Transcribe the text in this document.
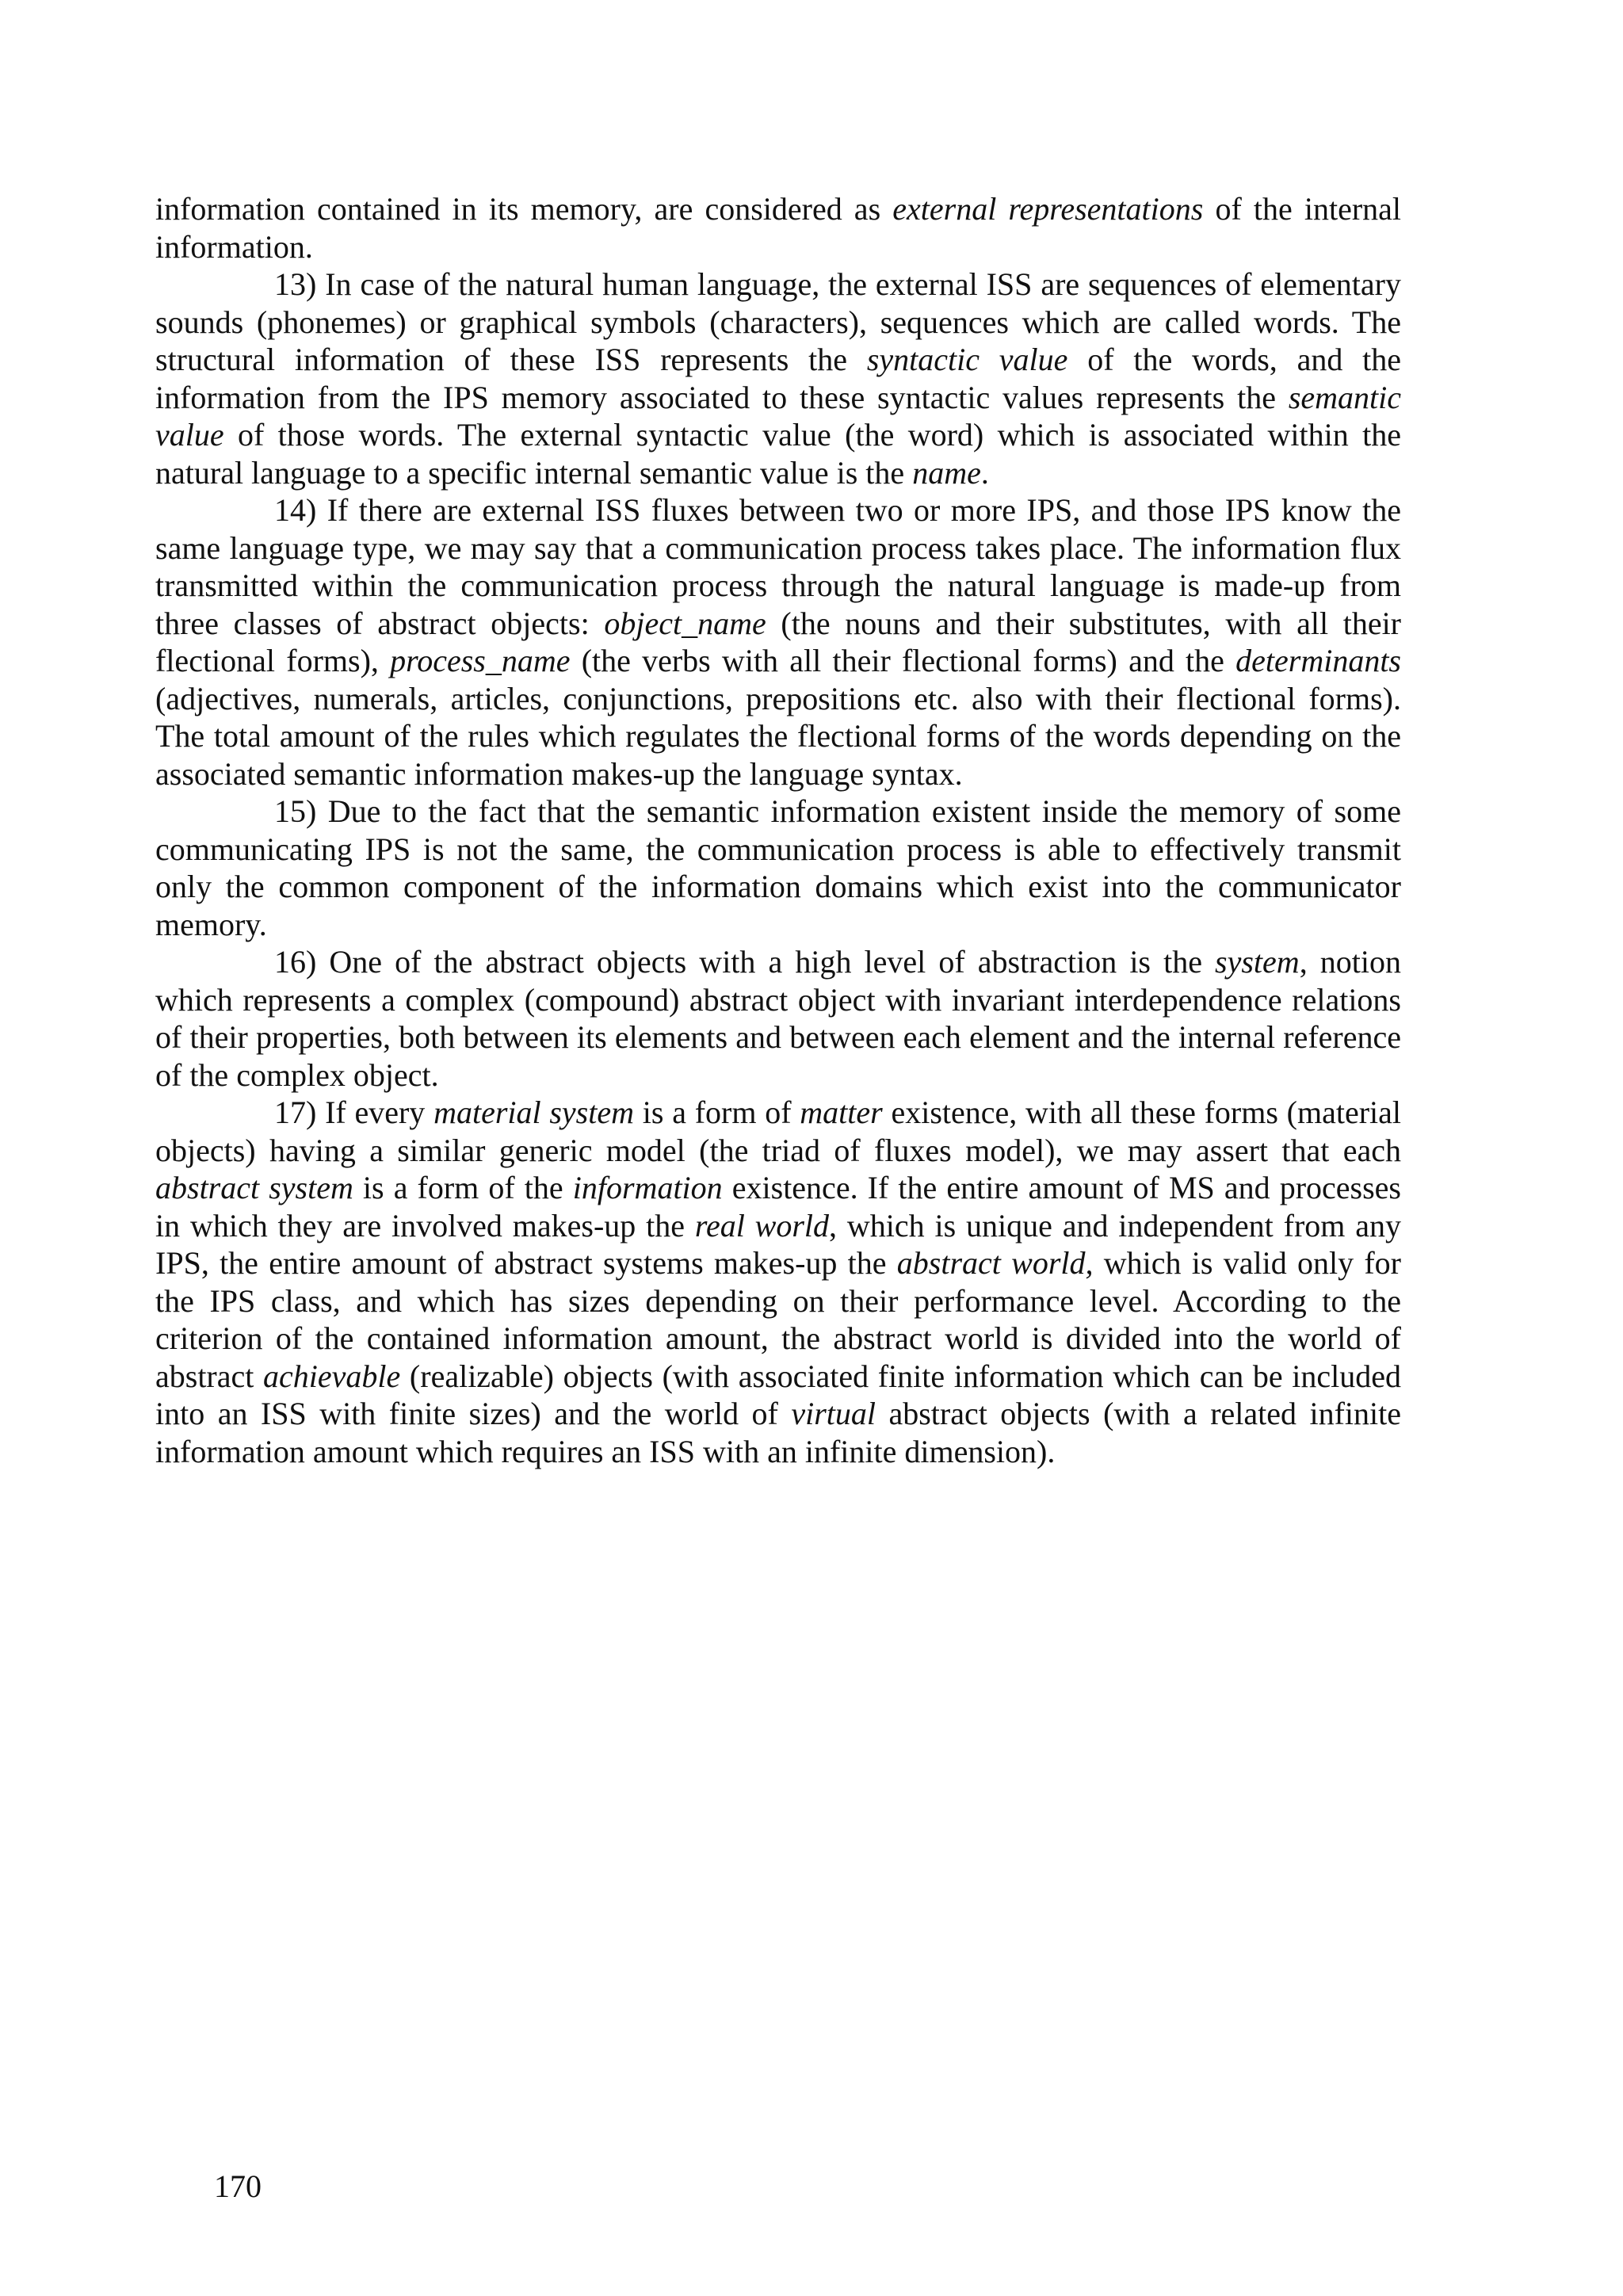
information contained in its memory, are considered as external representations of the internal information.

13) In case of the natural human language, the external ISS are sequences of elementary sounds (phonemes) or graphical symbols (characters), sequences which are called words. The structural information of these ISS represents the syntactic value of the words, and the information from the IPS memory associated to these syntactic values represents the semantic value of those words. The external syntactic value (the word) which is associated within the natural language to a specific internal semantic value is the name.

14) If there are external ISS fluxes between two or more IPS, and those IPS know the same language type, we may say that a communication process takes place. The information flux transmitted within the communication process through the natural language is made-up from three classes of abstract objects: object_name (the nouns and their substitutes, with all their flectional forms), process_name (the verbs with all their flectional forms) and the determinants (adjectives, numerals, articles, conjunctions, prepositions etc. also with their flectional forms). The total amount of the rules which regulates the flectional forms of the words depending on the associated semantic information makes-up the language syntax.

15) Due to the fact that the semantic information existent inside the memory of some communicating IPS is not the same, the communication process is able to effectively transmit only the common component of the information domains which exist into the communicator memory.

16) One of the abstract objects with a high level of abstraction is the system, notion which represents a complex (compound) abstract object with invariant interdependence relations of their properties, both between its elements and between each element and the internal reference of the complex object.

17) If every material system is a form of matter existence, with all these forms (material objects) having a similar generic model (the triad of fluxes model), we may assert that each abstract system is a form of the information existence. If the entire amount of MS and processes in which they are involved makes-up the real world, which is unique and independent from any IPS, the entire amount of abstract systems makes-up the abstract world, which is valid only for the IPS class, and which has sizes depending on their performance level. According to the criterion of the contained information amount, the abstract world is divided into the world of abstract achievable (realizable) objects (with associated finite information which can be included into an ISS with finite sizes) and the world of virtual abstract objects (with a related infinite information amount which requires an ISS with an infinite dimension).

170
